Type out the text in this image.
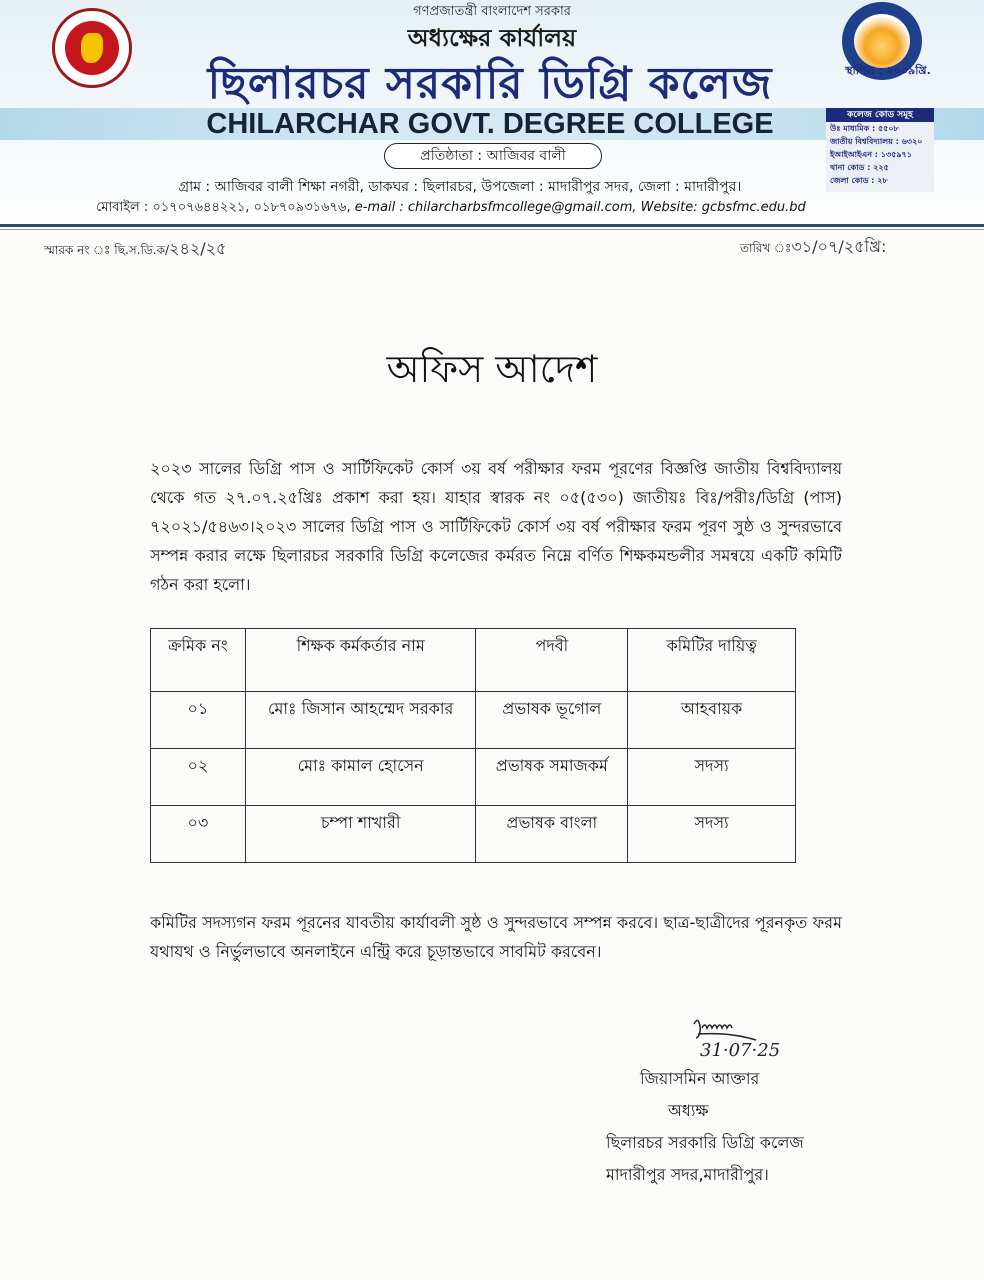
স্থাপিত : ২০০৯খ্রি.
গণপ্রজাতন্ত্রী বাংলাদেশ সরকার
অধ্যক্ষের কার্যালয়
ছিলারচর সরকারি ডিগ্রি কলেজ
CHILARCHAR GOVT. DEGREE COLLEGE	কলেজ কোড সমূহ
উঃ মাধ্যমিক : ৫৫০৮
জাতীয় বিশ্ববিদ্যালয় : ৬৩২০
ইআইআইএন : ১৩৫৯৭১
থানা কোড : ২২৫
জেলা কোড : ২৮
প্রতিষ্ঠাতা : আজিবর বালী
গ্রাম : আজিবর বালী শিক্ষা নগরী, ডাকঘর : ছিলারচর, উপজেলা : মাদারীপুর সদর, জেলা : মাদারীপুর।
মোবাইল : ০১৭০৭৬৪৪২২১, ০১৮৭০৯৩১৬৭৬, e-mail : chilarcharbsfmcollege@gmail.com, Website: gcbsfmc.edu.bd
স্মারক নং ঃ ছি.স.ডি.ক/২৪২/২৫	তারিখ ঃ৩১/০৭/২৫খ্রি:
অফিস আদেশ
২০২৩ সালের ডিগ্রি পাস ও সার্টিফিকেট কোর্স ৩য় বর্ষ পরীক্ষার ফরম পূরণের বিজ্ঞপ্তি জাতীয় বিশ্ববিদ্যালয় থেকে গত ২৭.০৭.২৫খ্রিঃ প্রকাশ করা হয়। যাহার স্বারক নং ০৫(৫৩০) জাতীয়ঃ বিঃ/পরীঃ/ডিগ্রি (পাস) ৭২০২১/৫৪৬৩।২০২৩ সালের ডিগ্রি পাস ও সার্টিফিকেট কোর্স ৩য় বর্ষ পরীক্ষার ফরম পূরণ সুষ্ঠ ও সুন্দরভাবে সম্পন্ন করার লক্ষে ছিলারচর সরকারি ডিগ্রি কলেজের কর্মরত নিম্নে বর্ণিত শিক্ষকমন্ডলীর সমন্বয়ে একটি কমিটি গঠন করা হলো।
ক্রমিক নং	শিক্ষক কর্মকর্তার নাম	পদবী	কমিটির দায়িত্ব
০১	মোঃ জিসান আহম্মেদ সরকার	প্রভাষক ভূগোল	আহবায়ক
০২	মোঃ কামাল হোসেন	প্রভাষক সমাজকর্ম	সদস্য
০৩	চম্পা শাখারী	প্রভাষক বাংলা	সদস্য
কমিটির সদস্যগন ফরম পূরনের যাবতীয় কার্যাবলী সুষ্ঠ ও সুন্দরভাবে সম্পন্ন করবে। ছাত্র-ছাত্রীদের পূরনকৃত ফরম যথাযথ ও নির্ভুলভাবে অনলাইনে এন্ট্রি করে চূড়ান্তভাবে সাবমিট করবেন।
31·07·25
জিয়াসমিন আক্তার
অধ্যক্ষ
ছিলারচর সরকারি ডিগ্রি কলেজ
মাদারীপুর সদর,মাদারীপুর।
